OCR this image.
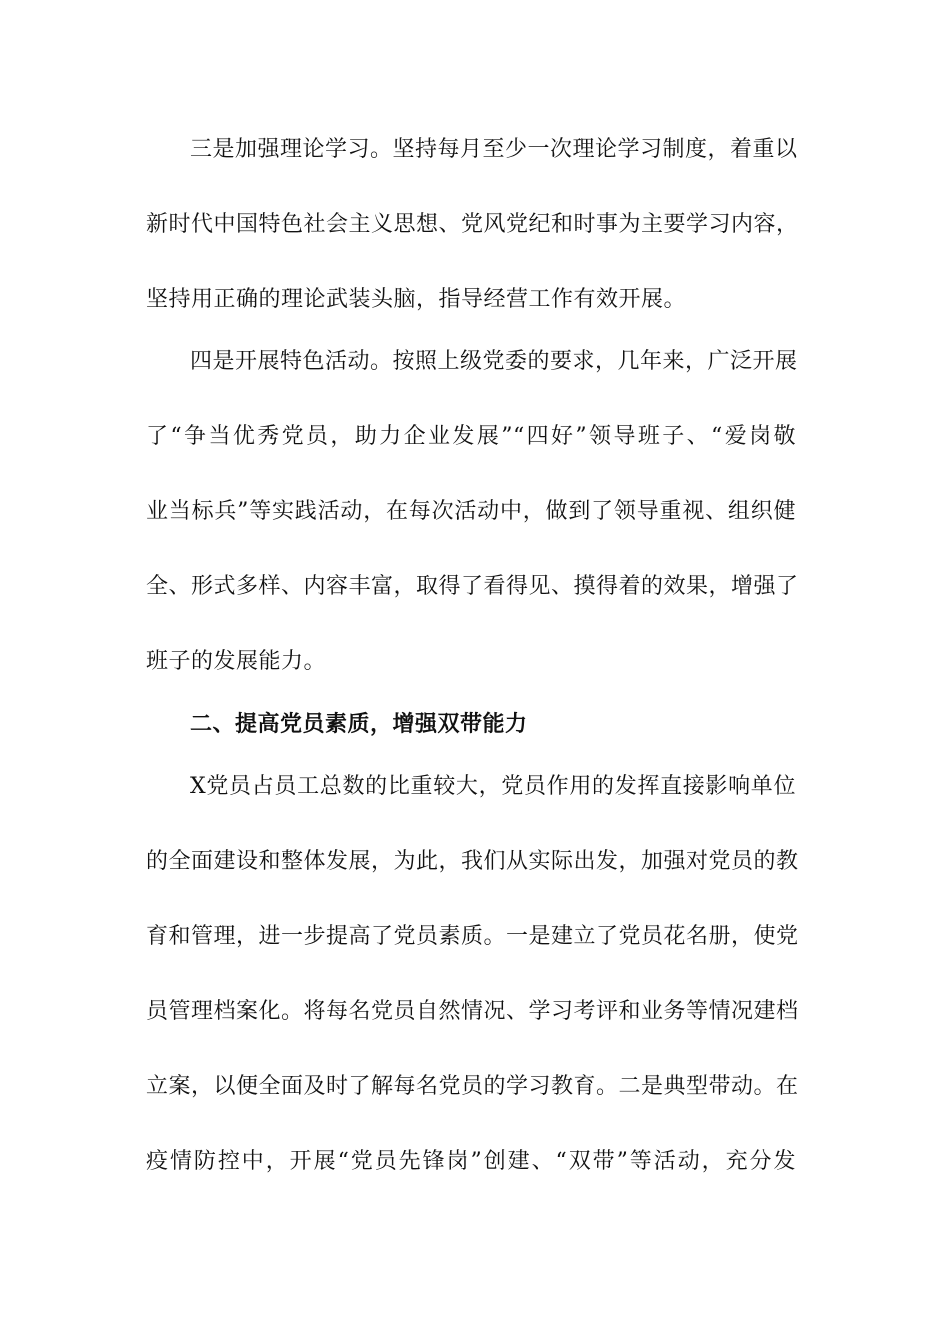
三是加强理论学习。坚持每月至少一次理论学习制度，着重以
新时代中国特色社会主义思想、党风党纪和时事为主要学习内容，
坚持用正确的理论武装头脑，指导经营工作有效开展。
四是开展特色活动。按照上级党委的要求，几年来，广泛开展
了“争当优秀党员，助力企业发展”“四好”领导班子、“爱岗敬
业当标兵”等实践活动，在每次活动中，做到了领导重视、组织健
全、形式多样、内容丰富，取得了看得见、摸得着的效果，增强了
班子的发展能力。
二、提高党员素质，增强双带能力
X党员占员工总数的比重较大，党员作用的发挥直接影响单位
的全面建设和整体发展，为此，我们从实际出发，加强对党员的教
育和管理，进一步提高了党员素质。一是建立了党员花名册，使党
员管理档案化。将每名党员自然情况、学习考评和业务等情况建档
立案，以便全面及时了解每名党员的学习教育。二是典型带动。在
疫情防控中，开展“党员先锋岗”创建、“双带”等活动，充分发
